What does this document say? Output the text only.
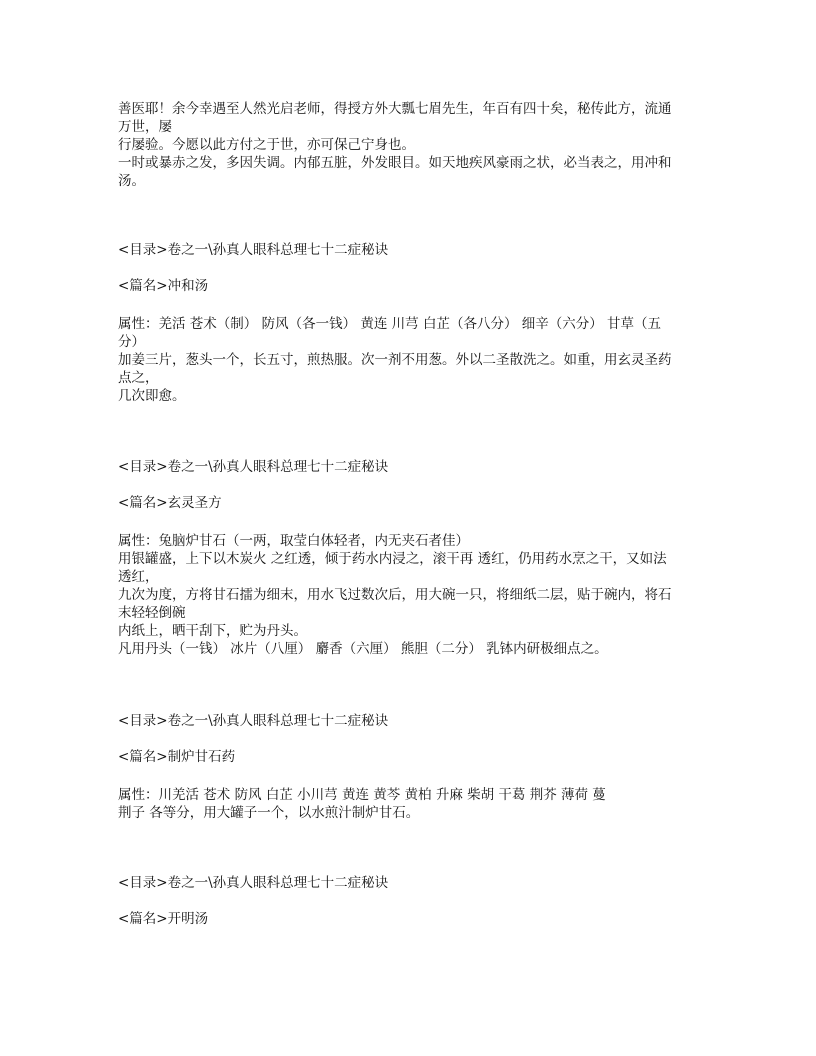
善医耶！余今幸遇至人然光启老师，得授方外大瓢七眉先生，年百有四十矣，秘传此方，流通
万世，屡
行屡验。今愿以此方付之于世，亦可保己宁身也。
一时或暴赤之发，多因失调。内郁五脏，外发眼目。如天地疾风豪雨之状，必当表之，用冲和
汤。
<目录>卷之一\孙真人眼科总理七十二症秘诀
<篇名>冲和汤
属性：羌活 苍术（制） 防风（各一钱） 黄连 川芎 白芷（各八分） 细辛（六分） 甘草（五
分）
加姜三片，葱头一个，长五寸，煎热服。次一剂不用葱。外以二圣散洗之。如重，用玄灵圣药
点之，
几次即愈。
<目录>卷之一\孙真人眼科总理七十二症秘诀
<篇名>玄灵圣方
属性：兔脑炉甘石（一两，取莹白体轻者，内无夹石者佳）
用银罐盛，上下以木炭火 之红透，倾于药水内浸之，滚干再 透红，仍用药水烹之干，又如法
透红，
九次为度，方将甘石擂为细末，用水飞过数次后，用大碗一只，将细纸二层，贴于碗内，将石
末轻轻倒碗
内纸上，晒干刮下，贮为丹头。
凡用丹头（一钱） 冰片（八厘） 麝香（六厘） 熊胆（二分） 乳钵内研极细点之。
<目录>卷之一\孙真人眼科总理七十二症秘诀
<篇名>制炉甘石药
属性：川羌活 苍术 防风 白芷 小川芎 黄连 黄芩 黄柏 升麻 柴胡 干葛 荆芥 薄荷 蔓
荆子 各等分，用大罐子一个，以水煎汁制炉甘石。
<目录>卷之一\孙真人眼科总理七十二症秘诀
<篇名>开明汤
